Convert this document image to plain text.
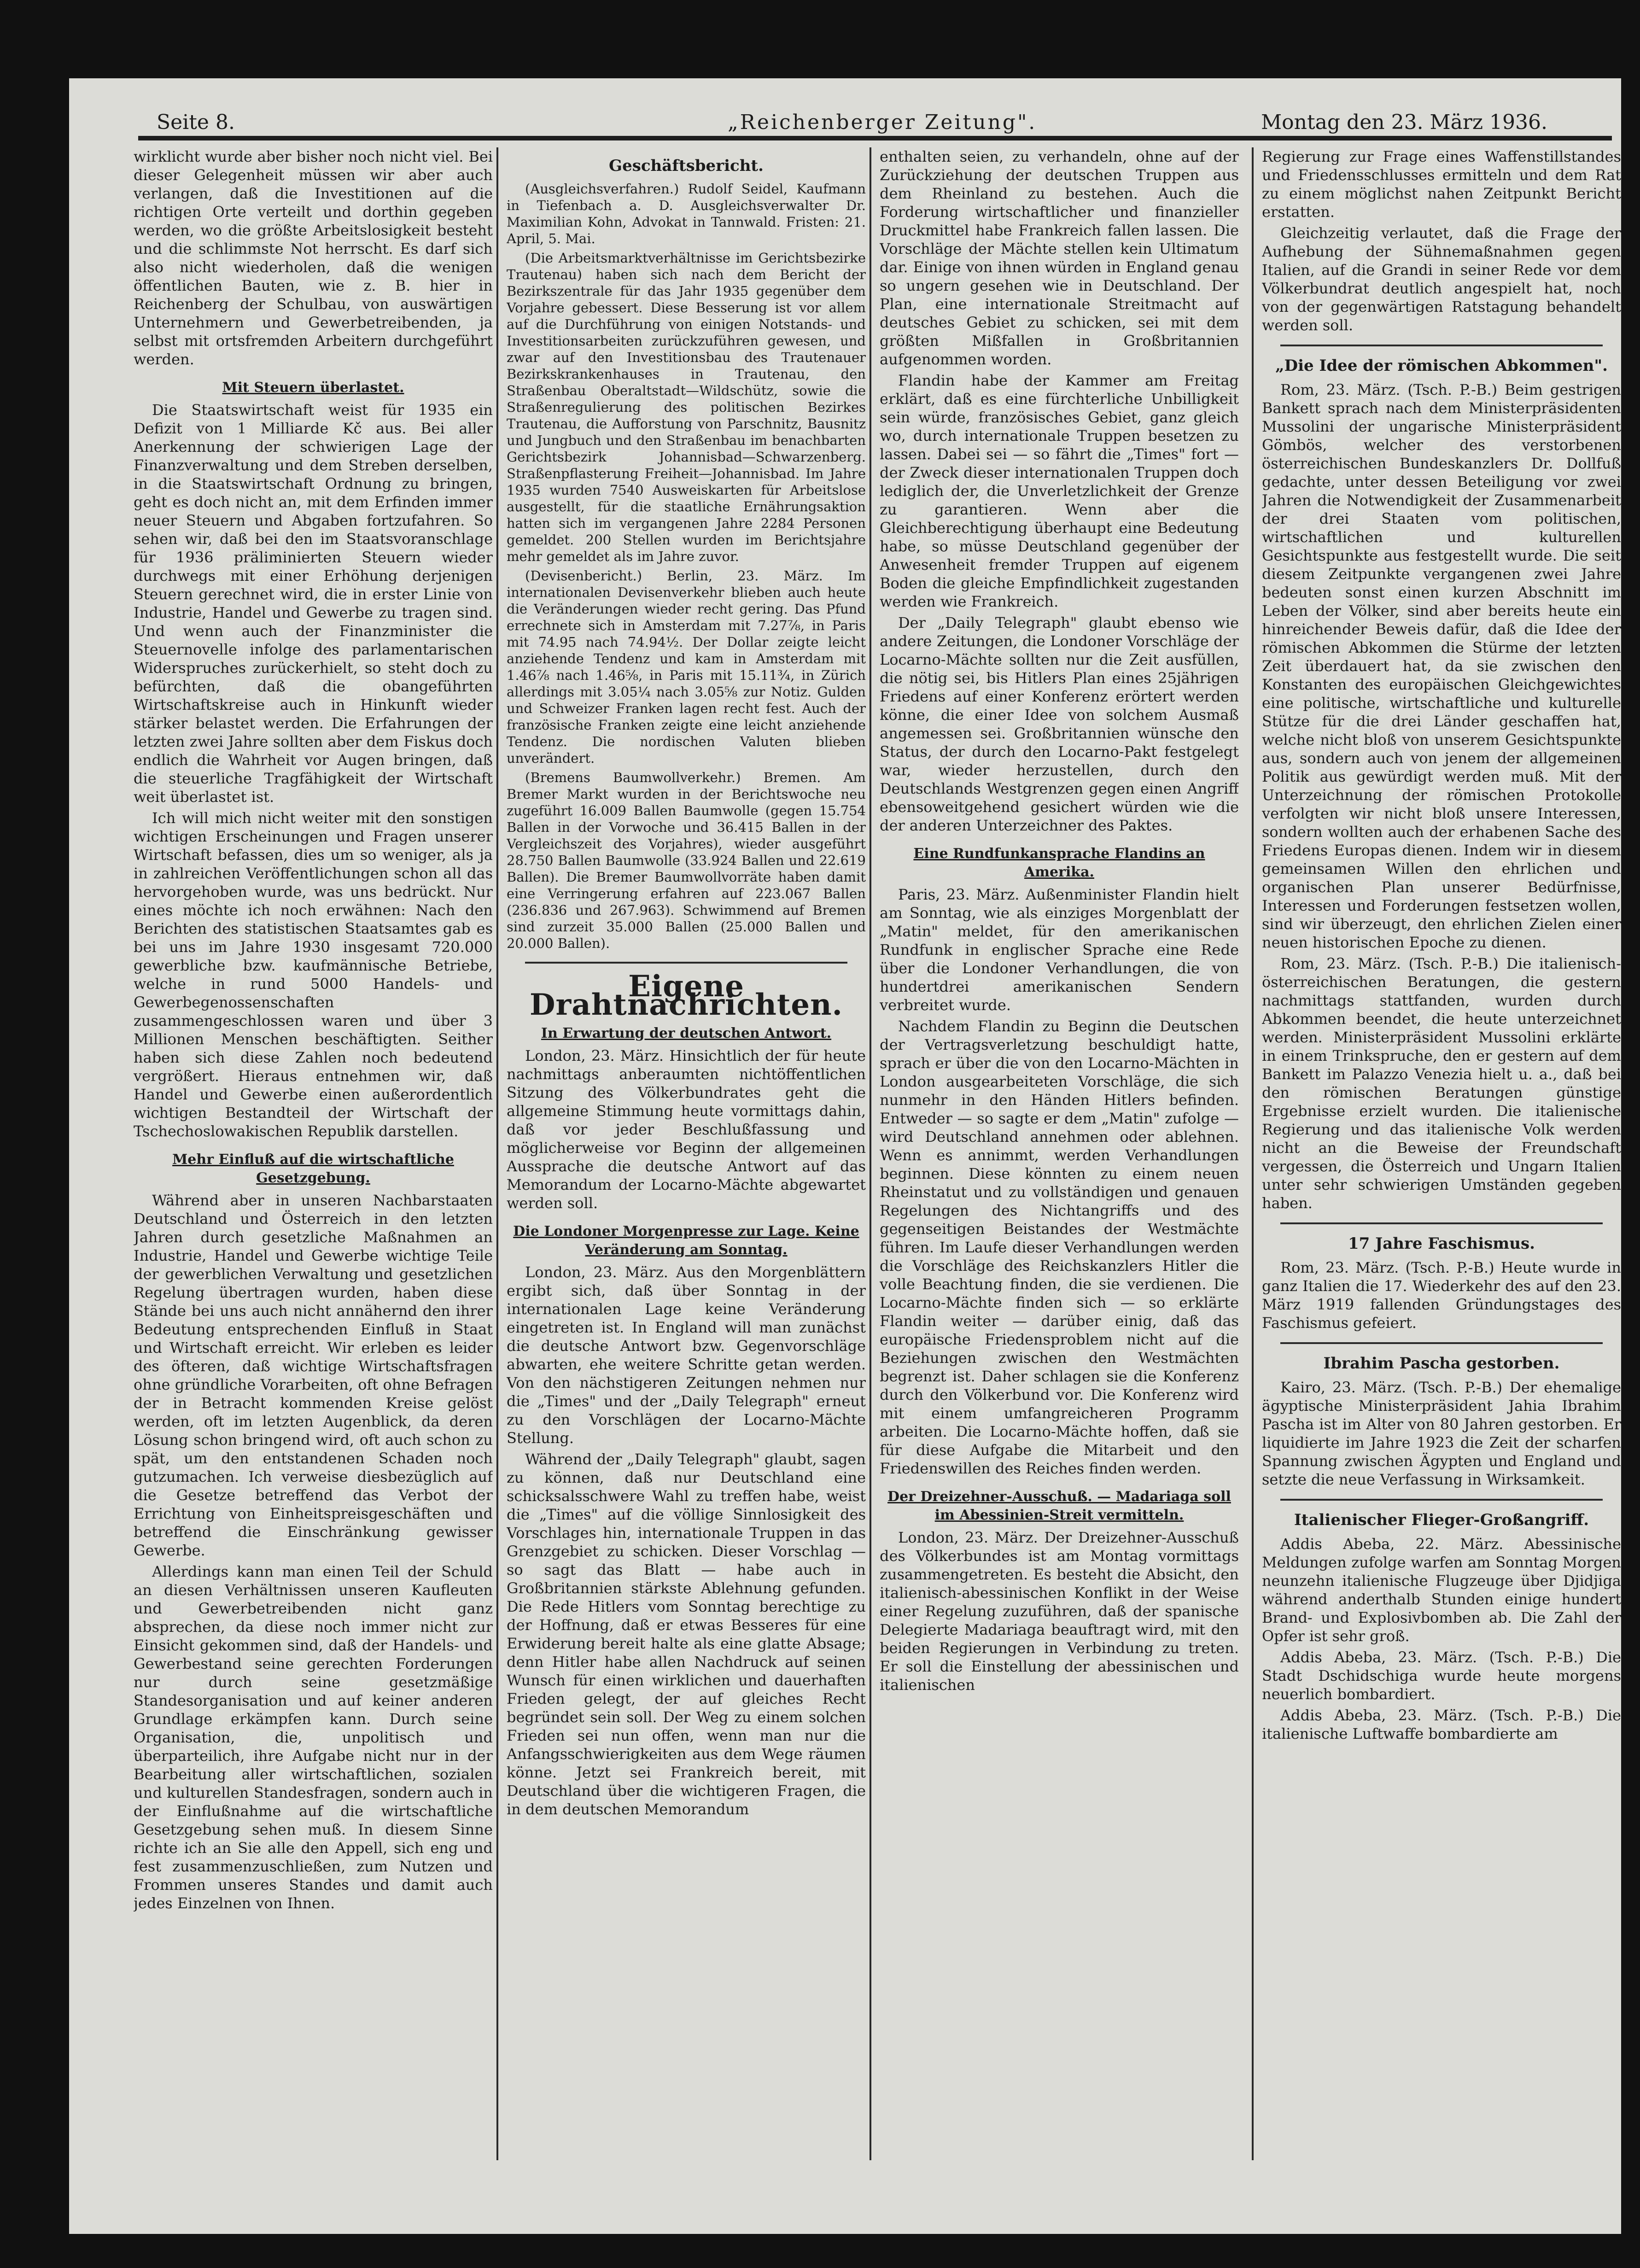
Seite 8.	„Reichenberger Zeitung".	Montag den 23. März 1936.

wirklicht wurde aber bisher noch nicht viel. Bei dieser Gelegenheit müssen wir aber auch verlangen, daß die Investitionen auf die richtigen Orte verteilt und dorthin gegeben werden, wo die größte Arbeitslosigkeit besteht und die schlimmste Not herrscht. Es darf sich also nicht wiederholen, daß die wenigen öffentlichen Bauten, wie z. B. hier in Reichenberg der Schulbau, von auswärtigen Unternehmern und Gewerbetreibenden, ja selbst mit ortsfremden Arbeitern durchgeführt werden.

Mit Steuern überlastet.

Die Staatswirtschaft weist für 1935 ein Defizit von 1 Milliarde Kč aus. Bei aller Anerkennung der schwierigen Lage der Finanzverwaltung und dem Streben derselben, in die Staatswirtschaft Ordnung zu bringen, geht es doch nicht an, mit dem Erfinden immer neuer Steuern und Abgaben fortzufahren. So sehen wir, daß bei den im Staatsvoranschlage für 1936 präliminierten Steuern wieder durchwegs mit einer Erhöhung derjenigen Steuern gerechnet wird, die in erster Linie von Industrie, Handel und Gewerbe zu tragen sind. Und wenn auch der Finanzminister die Steuernovelle infolge des parlamentarischen Widerspruches zurückerhielt, so steht doch zu befürchten, daß die obangeführten Wirtschaftskreise auch in Hinkunft wieder stärker belastet werden. Die Erfahrungen der letzten zwei Jahre sollten aber dem Fiskus doch endlich die Wahrheit vor Augen bringen, daß die steuerliche Tragfähigkeit der Wirtschaft weit überlastet ist.

Ich will mich nicht weiter mit den sonstigen wichtigen Erscheinungen und Fragen unserer Wirtschaft befassen, dies um so weniger, als ja in zahlreichen Veröffentlichungen schon all das hervorgehoben wurde, was uns bedrückt. Nur eines möchte ich noch erwähnen: Nach den Berichten des statistischen Staatsamtes gab es bei uns im Jahre 1930 insgesamt 720.000 gewerbliche bzw. kaufmännische Betriebe, welche in rund 5000 Handels- und Gewerbegenossenschaften zusammengeschlossen waren und über 3 Millionen Menschen beschäftigten. Seither haben sich diese Zahlen noch bedeutend vergrößert. Hieraus entnehmen wir, daß Handel und Gewerbe einen außerordentlich wichtigen Bestandteil der Wirtschaft der Tschechoslowakischen Republik darstellen.

Mehr Einfluß auf die wirtschaftliche Gesetzgebung.

Während aber in unseren Nachbarstaaten Deutschland und Österreich in den letzten Jahren durch gesetzliche Maßnahmen an Industrie, Handel und Gewerbe wichtige Teile der gewerblichen Verwaltung und gesetzlichen Regelung übertragen wurden, haben diese Stände bei uns auch nicht annähernd den ihrer Bedeutung entsprechenden Einfluß in Staat und Wirtschaft erreicht. Wir erleben es leider des öfteren, daß wichtige Wirtschaftsfragen ohne gründliche Vorarbeiten, oft ohne Befragen der in Betracht kommenden Kreise gelöst werden, oft im letzten Augenblick, da deren Lösung schon bringend wird, oft auch schon zu spät, um den entstandenen Schaden noch gutzumachen. Ich verweise diesbezüglich auf die Gesetze betreffend das Verbot der Errichtung von Einheitspreisgeschäften und betreffend die Einschränkung gewisser Gewerbe.

Allerdings kann man einen Teil der Schuld an diesen Verhältnissen unseren Kaufleuten und Gewerbetreibenden nicht ganz absprechen, da diese noch immer nicht zur Einsicht gekommen sind, daß der Handels- und Gewerbestand seine gerechten Forderungen nur durch seine gesetzmäßige Standesorganisation und auf keiner anderen Grundlage erkämpfen kann. Durch seine Organisation, die, unpolitisch und überparteilich, ihre Aufgabe nicht nur in der Bearbeitung aller wirtschaftlichen, sozialen und kulturellen Standesfragen, sondern auch in der Einflußnahme auf die wirtschaftliche Gesetzgebung sehen muß. In diesem Sinne richte ich an Sie alle den Appell, sich eng und fest zusammenzuschließen, zum Nutzen und Frommen unseres Standes und damit auch jedes Einzelnen von Ihnen.

Geschäftsbericht.

(Ausgleichsverfahren.) Rudolf Seidel, Kaufmann in Tiefenbach a. D. Ausgleichsverwalter Dr. Maximilian Kohn, Advokat in Tannwald. Fristen: 21. April, 5. Mai.

(Die Arbeitsmarktverhältnisse im Gerichtsbezirke Trautenau) haben sich nach dem Bericht der Bezirkszentrale für das Jahr 1935 gegenüber dem Vorjahre gebessert. Diese Besserung ist vor allem auf die Durchführung von einigen Notstands- und Investitionsarbeiten zurückzuführen gewesen, und zwar auf den Investitionsbau des Trautenauer Bezirkskrankenhauses in Trautenau, den Straßenbau Oberaltstadt—Wildschütz, sowie die Straßenregulierung des politischen Bezirkes Trautenau, die Aufforstung von Parschnitz, Bausnitz und Jungbuch und den Straßenbau im benachbarten Gerichtsbezirk Johannisbad—Schwarzenberg. Straßenpflasterung Freiheit—Johannisbad. Im Jahre 1935 wurden 7540 Ausweiskarten für Arbeitslose ausgestellt, für die staatliche Ernährungsaktion hatten sich im vergangenen Jahre 2284 Personen gemeldet. 200 Stellen wurden im Berichtsjahre mehr gemeldet als im Jahre zuvor.

(Devisenbericht.) Berlin, 23. März. Im internationalen Devisenverkehr blieben auch heute die Veränderungen wieder recht gering. Das Pfund errechnete sich in Amsterdam mit 7.27⅞, in Paris mit 74.95 nach 74.94½. Der Dollar zeigte leicht anziehende Tendenz und kam in Amsterdam mit 1.46⅞ nach 1.46⅝, in Paris mit 15.11¾, in Zürich allerdings mit 3.05¼ nach 3.05⅝ zur Notiz. Gulden und Schweizer Franken lagen recht fest. Auch der französische Franken zeigte eine leicht anziehende Tendenz. Die nordischen Valuten blieben unverändert.

(Bremens Baumwollverkehr.) Bremen. Am Bremer Markt wurden in der Berichtswoche neu zugeführt 16.009 Ballen Baumwolle (gegen 15.754 Ballen in der Vorwoche und 36.415 Ballen in der Vergleichszeit des Vorjahres), wieder ausgeführt 28.750 Ballen Baumwolle (33.924 Ballen und 22.619 Ballen). Die Bremer Baumwollvorräte haben damit eine Verringerung erfahren auf 223.067 Ballen (236.836 und 267.963). Schwimmend auf Bremen sind zurzeit 35.000 Ballen (25.000 Ballen und 20.000 Ballen).

Eigene Drahtnachrichten.
In Erwartung der deutschen Antwort.

London, 23. März. Hinsichtlich der für heute nachmittags anberaumten nichtöffentlichen Sitzung des Völkerbundrates geht die allgemeine Stimmung heute vormittags dahin, daß vor jeder Beschlußfassung und möglicherweise vor Beginn der allgemeinen Aussprache die deutsche Antwort auf das Memorandum der Locarno-Mächte abgewartet werden soll.

Die Londoner Morgenpresse zur Lage. Keine Veränderung am Sonntag.

London, 23. März. Aus den Morgenblättern ergibt sich, daß über Sonntag in der internationalen Lage keine Veränderung eingetreten ist. In England will man zunächst die deutsche Antwort bzw. Gegenvorschläge abwarten, ehe weitere Schritte getan werden. Von den nächstigeren Zeitungen nehmen nur die „Times" und der „Daily Telegraph" erneut zu den Vorschlägen der Locarno-Mächte Stellung.

Während der „Daily Telegraph" glaubt, sagen zu können, daß nur Deutschland eine schicksalsschwere Wahl zu treffen habe, weist die „Times" auf die völlige Sinnlosigkeit des Vorschlages hin, internationale Truppen in das Grenzgebiet zu schicken. Dieser Vorschlag — so sagt das Blatt — habe auch in Großbritannien stärkste Ablehnung gefunden. Die Rede Hitlers vom Sonntag berechtige zu der Hoffnung, daß er etwas Besseres für eine Erwiderung bereit halte als eine glatte Absage; denn Hitler habe allen Nachdruck auf seinen Wunsch für einen wirklichen und dauerhaften Frieden gelegt, der auf gleiches Recht begründet sein soll. Der Weg zu einem solchen Frieden sei nun offen, wenn man nur die Anfangsschwierigkeiten aus dem Wege räumen könne. Jetzt sei Frankreich bereit, mit Deutschland über die wichtigeren Fragen, die in dem deutschen Memorandum

enthalten seien, zu verhandeln, ohne auf der Zurückziehung der deutschen Truppen aus dem Rheinland zu bestehen. Auch die Forderung wirtschaftlicher und finanzieller Druckmittel habe Frankreich fallen lassen. Die Vorschläge der Mächte stellen kein Ultimatum dar. Einige von ihnen würden in England genau so ungern gesehen wie in Deutschland. Der Plan, eine internationale Streitmacht auf deutsches Gebiet zu schicken, sei mit dem größten Mißfallen in Großbritannien aufgenommen worden.

Flandin habe der Kammer am Freitag erklärt, daß es eine fürchterliche Unbilligkeit sein würde, französisches Gebiet, ganz gleich wo, durch internationale Truppen besetzen zu lassen. Dabei sei — so fährt die „Times" fort — der Zweck dieser internationalen Truppen doch lediglich der, die Unverletzlichkeit der Grenze zu garantieren. Wenn aber die Gleichberechtigung überhaupt eine Bedeutung habe, so müsse Deutschland gegenüber der Anwesenheit fremder Truppen auf eigenem Boden die gleiche Empfindlichkeit zugestanden werden wie Frankreich.

Der „Daily Telegraph" glaubt ebenso wie andere Zeitungen, die Londoner Vorschläge der Locarno-Mächte sollten nur die Zeit ausfüllen, die nötig sei, bis Hitlers Plan eines 25jährigen Friedens auf einer Konferenz erörtert werden könne, die einer Idee von solchem Ausmaß angemessen sei. Großbritannien wünsche den Status, der durch den Locarno-Pakt festgelegt war, wieder herzustellen, durch den Deutschlands Westgrenzen gegen einen Angriff ebensoweitgehend gesichert würden wie die der anderen Unterzeichner des Paktes.

Eine Rundfunkansprache Flandins an Amerika.

Paris, 23. März. Außenminister Flandin hielt am Sonntag, wie als einziges Morgenblatt der „Matin" meldet, für den amerikanischen Rundfunk in englischer Sprache eine Rede über die Londoner Verhandlungen, die von hundertdrei amerikanischen Sendern verbreitet wurde.

Nachdem Flandin zu Beginn die Deutschen der Vertragsverletzung beschuldigt hatte, sprach er über die von den Locarno-Mächten in London ausgearbeiteten Vorschläge, die sich nunmehr in den Händen Hitlers befinden. Entweder — so sagte er dem „Matin" zufolge — wird Deutschland annehmen oder ablehnen. Wenn es annimmt, werden Verhandlungen beginnen. Diese könnten zu einem neuen Rheinstatut und zu vollständigen und genauen Regelungen des Nichtangriffs und des gegenseitigen Beistandes der Westmächte führen. Im Laufe dieser Verhandlungen werden die Vorschläge des Reichskanzlers Hitler die volle Beachtung finden, die sie verdienen. Die Locarno-Mächte finden sich — so erklärte Flandin weiter — darüber einig, daß das europäische Friedensproblem nicht auf die Beziehungen zwischen den Westmächten begrenzt ist. Daher schlagen sie die Konferenz durch den Völkerbund vor. Die Konferenz wird mit einem umfangreicheren Programm arbeiten. Die Locarno-Mächte hoffen, daß sie für diese Aufgabe die Mitarbeit und den Friedenswillen des Reiches finden werden.

Der Dreizehner-Ausschuß. — Madariaga soll im Abessinien-Streit vermitteln.

London, 23. März. Der Dreizehner-Ausschuß des Völkerbundes ist am Montag vormittags zusammengetreten. Es besteht die Absicht, den italienisch-abessinischen Konflikt in der Weise einer Regelung zuzuführen, daß der spanische Delegierte Madariaga beauftragt wird, mit den beiden Regierungen in Verbindung zu treten. Er soll die Einstellung der abessinischen und italienischen

Regierung zur Frage eines Waffenstillstandes und Friedensschlusses ermitteln und dem Rat zu einem möglichst nahen Zeitpunkt Bericht erstatten.

Gleichzeitig verlautet, daß die Frage der Aufhebung der Sühnemaßnahmen gegen Italien, auf die Grandi in seiner Rede vor dem Völkerbundrat deutlich angespielt hat, noch von der gegenwärtigen Ratstagung behandelt werden soll.

„Die Idee der römischen Abkommen".

Rom, 23. März. (Tsch. P.-B.) Beim gestrigen Bankett sprach nach dem Ministerpräsidenten Mussolini der ungarische Ministerpräsident Gömbös, welcher des verstorbenen österreichischen Bundeskanzlers Dr. Dollfuß gedachte, unter dessen Beteiligung vor zwei Jahren die Notwendigkeit der Zusammenarbeit der drei Staaten vom politischen, wirtschaftlichen und kulturellen Gesichtspunkte aus festgestellt wurde. Die seit diesem Zeitpunkte vergangenen zwei Jahre bedeuten sonst einen kurzen Abschnitt im Leben der Völker, sind aber bereits heute ein hinreichender Beweis dafür, daß die Idee der römischen Abkommen die Stürme der letzten Zeit überdauert hat, da sie zwischen den Konstanten des europäischen Gleichgewichtes eine politische, wirtschaftliche und kulturelle Stütze für die drei Länder geschaffen hat, welche nicht bloß von unserem Gesichtspunkte aus, sondern auch von jenem der allgemeinen Politik aus gewürdigt werden muß. Mit der Unterzeichnung der römischen Protokolle verfolgten wir nicht bloß unsere Interessen, sondern wollten auch der erhabenen Sache des Friedens Europas dienen. Indem wir in diesem gemeinsamen Willen den ehrlichen und organischen Plan unserer Bedürfnisse, Interessen und Forderungen festsetzen wollen, sind wir überzeugt, den ehrlichen Zielen einer neuen historischen Epoche zu dienen.

Rom, 23. März. (Tsch. P.-B.) Die italienisch-österreichischen Beratungen, die gestern nachmittags stattfanden, wurden durch Abkommen beendet, die heute unterzeichnet werden. Ministerpräsident Mussolini erklärte in einem Trinkspruche, den er gestern auf dem Bankett im Palazzo Venezia hielt u. a., daß bei den römischen Beratungen günstige Ergebnisse erzielt wurden. Die italienische Regierung und das italienische Volk werden nicht an die Beweise der Freundschaft vergessen, die Österreich und Ungarn Italien unter sehr schwierigen Umständen gegeben haben.

17 Jahre Faschismus.

Rom, 23. März. (Tsch. P.-B.) Heute wurde in ganz Italien die 17. Wiederkehr des auf den 23. März 1919 fallenden Gründungstages des Faschismus gefeiert.

Ibrahim Pascha gestorben.

Kairo, 23. März. (Tsch. P.-B.) Der ehemalige ägyptische Ministerpräsident Jahia Ibrahim Pascha ist im Alter von 80 Jahren gestorben. Er liquidierte im Jahre 1923 die Zeit der scharfen Spannung zwischen Ägypten und England und setzte die neue Verfassung in Wirksamkeit.

Italienischer Flieger-Großangriff.

Addis Abeba, 22. März. Abessinische Meldungen zufolge warfen am Sonntag Morgen neunzehn italienische Flugzeuge über Djidjiga während anderthalb Stunden einige hundert Brand- und Explosivbomben ab. Die Zahl der Opfer ist sehr groß.

Addis Abeba, 23. März. (Tsch. P.-B.) Die Stadt Dschidschiga wurde heute morgens neuerlich bombardiert.

Addis Abeba, 23. März. (Tsch. P.-B.) Die italienische Luftwaffe bombardierte am
